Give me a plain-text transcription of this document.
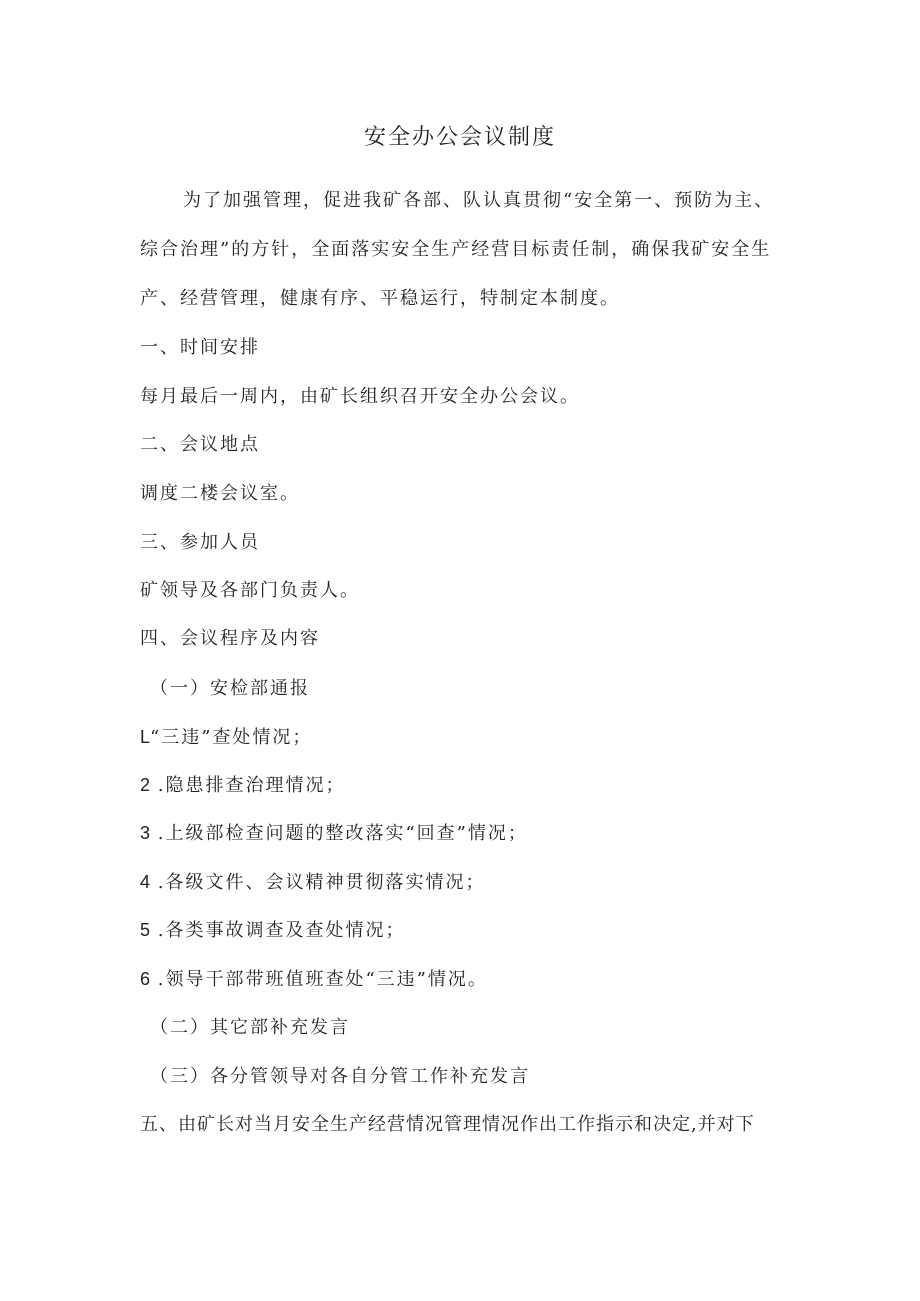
安全办公会议制度
为了加强管理，促进我矿各部、队认真贯彻“安全第一、预防为主、
综合治理”的方针，全面落实安全生产经营目标责任制，确保我矿安全生
产、经营管理，健康有序、平稳运行，特制定本制度。
一、时间安排
每月最后一周内，由矿长组织召开安全办公会议。
二、会议地点
调度二楼会议室。
三、参加人员
矿领导及各部门负责人。
四、会议程序及内容
（一）安检部通报
L“三违”查处情况；
2 .隐患排查治理情况；
3 .上级部检查问题的整改落实“回查”情况；
4 .各级文件、会议精神贯彻落实情况；
5 .各类事故调查及查处情况；
6 .领导干部带班值班查处“三违”情况。
（二）其它部补充发言
（三）各分管领导对各自分管工作补充发言
五、由矿长对当月安全生产经营情况管理情况作出工作指示和决定,并对下
